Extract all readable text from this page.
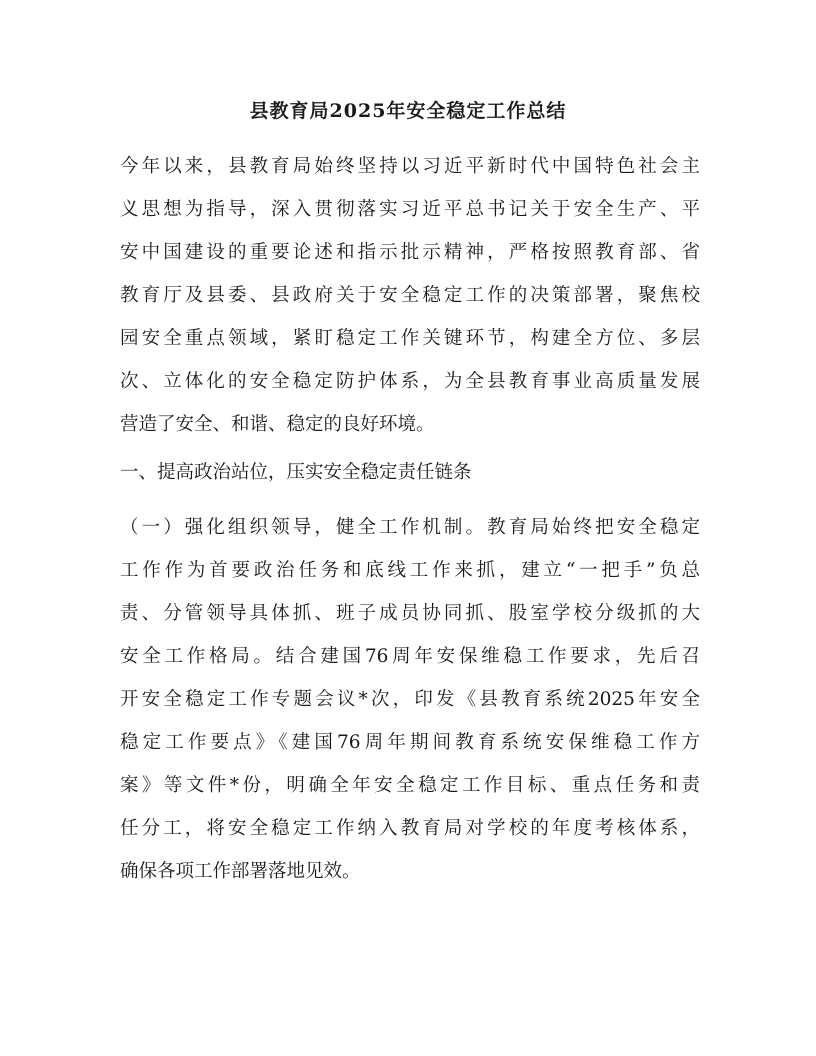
县教育局2025年安全稳定工作总结
今年以来，县教育局始终坚持以习近平新时代中国特色社会主
义思想为指导，深入贯彻落实习近平总书记关于安全生产、平
安中国建设的重要论述和指示批示精神，严格按照教育部、省
教育厅及县委、县政府关于安全稳定工作的决策部署，聚焦校
园安全重点领域，紧盯稳定工作关键环节，构建全方位、多层
次、立体化的安全稳定防护体系，为全县教育事业高质量发展
营造了安全、和谐、稳定的良好环境。
一、提高政治站位，压实安全稳定责任链条
（一）强化组织领导，健全工作机制。教育局始终把安全稳定
工作作为首要政治任务和底线工作来抓，建立“一把手”负总
责、分管领导具体抓、班子成员协同抓、股室学校分级抓的大
安全工作格局。结合建国76周年安保维稳工作要求，先后召
开安全稳定工作专题会议*次，印发《县教育系统2025年安全
稳定工作要点》《建国76周年期间教育系统安保维稳工作方
案》等文件*份，明确全年安全稳定工作目标、重点任务和责
任分工，将安全稳定工作纳入教育局对学校的年度考核体系，
确保各项工作部署落地见效。
